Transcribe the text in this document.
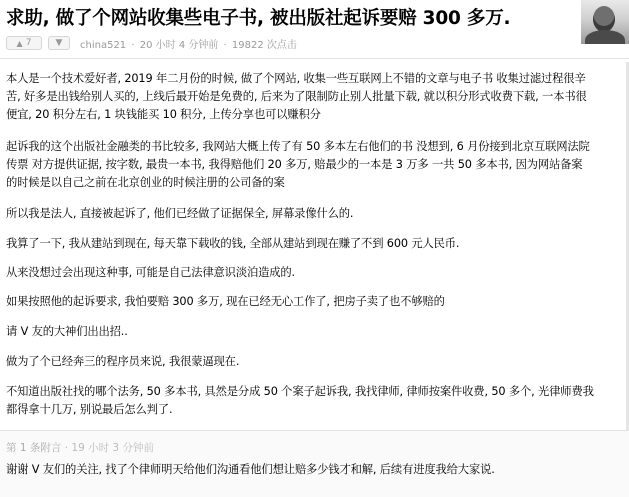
求助, 做了个网站收集些电子书, 被出版社起诉要赔 300 多万.
▲ 7	▼ china521 · 20 小时 4 分钟前 · 19822 次点击

本人是一个技术爱好者, 2019 年二月份的时候, 做了个网站, 收集一些互联网上不错的文章与电子书 收集过滤过程很辛

苦, 好多是出钱给别人买的, 上线后最开始是免费的, 后来为了限制防止别人批量下载, 就以积分形式收费下载, 一本书很

便宜, 20 积分左右, 1 块钱能买 10 积分, 上传分享也可以赚积分

起诉我的这个出版社金融类的书比较多, 我网站大概上传了有 50 多本左右他们的书 没想到, 6 月份接到北京互联网法院

传票 对方提供证据, 按字数, 最贵一本书, 我得赔他们 20 多万, 赔最少的一本是 3 万多 一共 50 多本书, 因为网站备案

的时候是以自己之前在北京创业的时候注册的公司备的案

所以我是法人, 直接被起诉了, 他们已经做了证据保全, 屏幕录像什么的.

我算了一下, 我从建站到现在, 每天靠下载收的钱, 全部从建站到现在赚了不到 600 元人民币.

从来没想过会出现这种事, 可能是自己法律意识淡泊造成的.

如果按照他的起诉要求, 我怕要赔 300 多万, 现在已经无心工作了, 把房子卖了也不够赔的

请 V 友的大神们出出招..

做为了个已经奔三的程序员来说, 我很蒙逼现在.

不知道出版社找的哪个法务, 50 多本书, 具然是分成 50 个案子起诉我, 我找律师, 律师按案件收费, 50 多个, 光律师费我

都得拿十几万, 别说最后怎么判了.

第 1 条附言 · 19 小时 3 分钟前
谢谢 V 友们的关注, 找了个律师明天给他们沟通看他们想让赔多少钱才和解, 后续有进度我给大家说.
